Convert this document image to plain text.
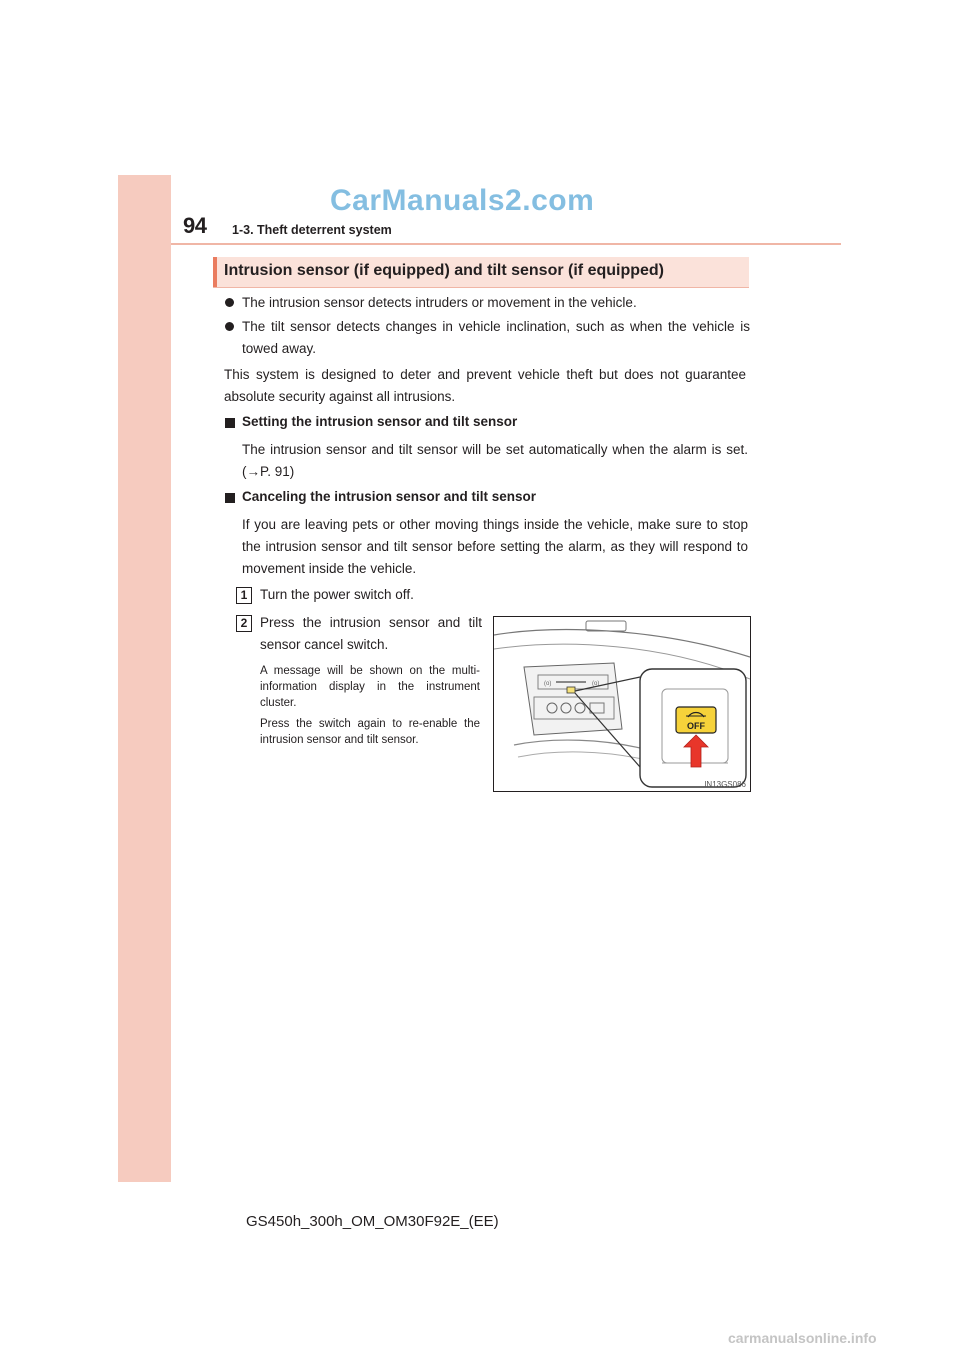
94 1-3. Theft deterrent system
CarManuals2.com
Intrusion sensor (if equipped) and tilt sensor (if equipped)
The intrusion sensor detects intruders or movement in the vehicle.
The tilt sensor detects changes in vehicle inclination, such as when the vehicle is towed away.
This system is designed to deter and prevent vehicle theft but does not guarantee absolute security against all intrusions.
Setting the intrusion sensor and tilt sensor
The intrusion sensor and tilt sensor will be set automatically when the alarm is set. (→P. 91)
Canceling the intrusion sensor and tilt sensor
If you are leaving pets or other moving things inside the vehicle, make sure to stop the intrusion sensor and tilt sensor before setting the alarm, as they will respond to movement inside the vehicle.
1 Turn the power switch off.
2 Press the intrusion sensor and tilt sensor cancel switch.
A message will be shown on the multi-information display in the instrument cluster.
Press the switch again to re-enable the intrusion sensor and tilt sensor.
(o)	(o)
OFF
IN13GS086
GS450h_300h_OM_OM30F92E_(EE)
carmanualsonline.info
